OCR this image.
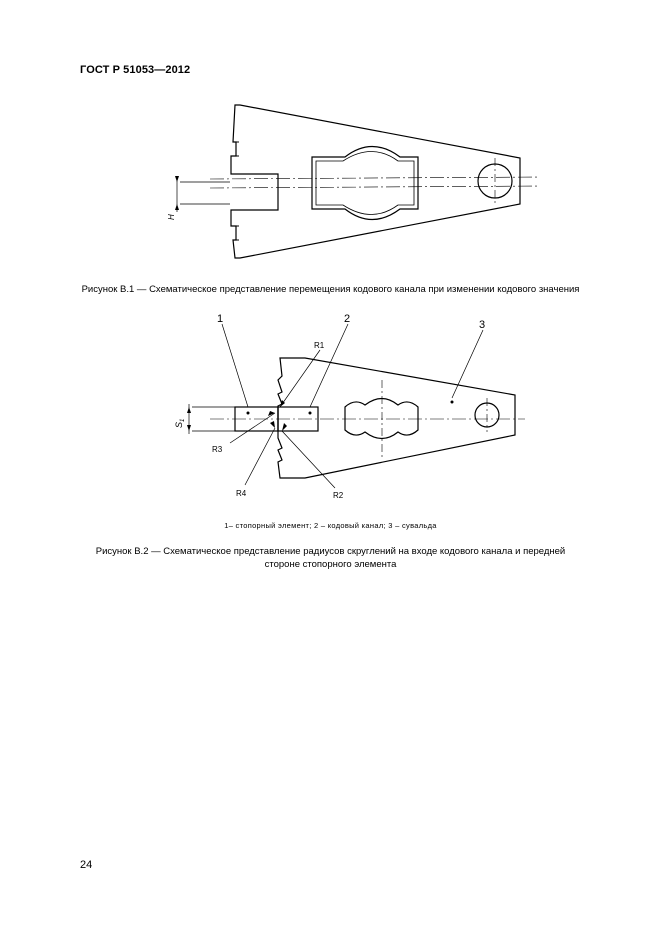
ГОСТ Р 51053—2012
H
Рисунок В.1 — Схематическое представление перемещения кодового канала при изменении кодового значения
1	2	3
R1
R2
R3
R4
$S_1$
1– стопорный элемент; 2 – кодовый канал; 3 – сувальда
Рисунок В.2 — Схематическое представление радиусов скруглений на входе кодового канала и передней
стороне стопорного элемента
24
